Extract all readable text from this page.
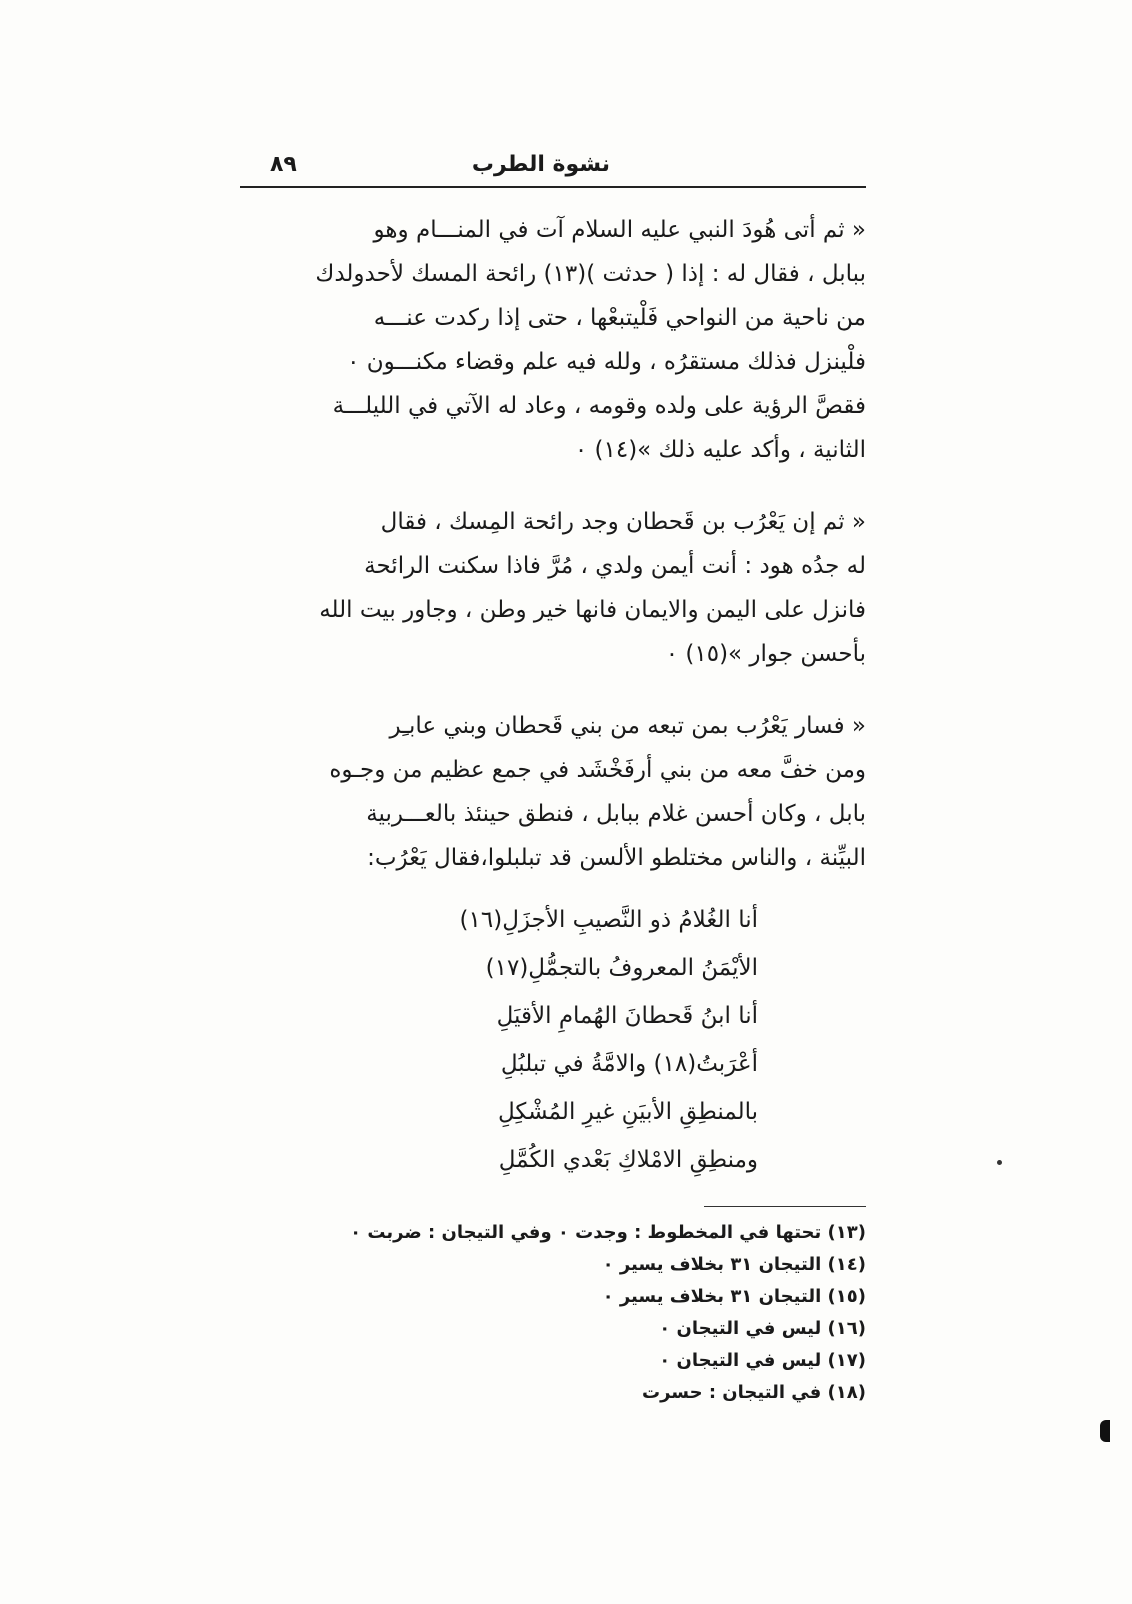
نشوة الطرب
٨٩

« ثم أتى هُودَ النبي عليه السلام آت في المنـــام وهو
ببابل ، فقال له : إذا ( حدثت )(١٣) رائحة المسك لأحدولدك
من ناحية من النواحي فَلْيتبعْها ، حتى إذا ركدت عنـــه
فلْينزل فذلك مستقرُه ، ولله فيه علم وقضاء مكنـــون ٠
فقصَّ الرؤية على ولده وقومه ، وعاد له الآتي في الليلـــة
الثانية ، وأكد عليه ذلك »(١٤) ٠

« ثم إن يَعْرُب بن قَحطان وجد رائحة المِسك ، فقال
له جدُه هود : أنت أيمن ولدي ، مُرَّ فاذا سكنت الرائحة
فانزل على اليمن والايمان فانها خير وطن ، وجاور بيت الله
بأحسن جوار »(١٥) ٠

« فسار يَعْرُب بمن تبعه من بني قَحطان وبني عابـِر
ومن خفَّ معه من بني أرفَخْشَد في جمع عظيم من وجـوه
بابل ، وكان أحسن غلام ببابل ، فنطق حينئذ بالعـــربية
البيِّنة ، والناس مختلطو الألسن قد تبلبلوا،فقال يَعْرُب:

أنا الغُلامُ ذو النَّصيبِ الأجزَلِ(١٦)
الأيْمَنُ المعروفُ بالتجمُّلِ(١٧)
أنا ابنُ قَحطانَ الهُمامِ الأقيَلِ
أعْرَبتُ(١٨) والامَّةُ في تبلبُلِ
بالمنطِقِ الأبيَنِ غيرِ المُشْكِلِ
ومنطِقِ الامْلاكِ بَعْدي الكُمَّلِ
(١٣) تحتها في المخطوط : وجدت ٠ وفي التيجان : ضربت ٠
(١٤) التيجان ٣١ بخلاف يسير ٠
(١٥) التيجان ٣١ بخلاف يسير ٠
(١٦) ليس في التيجان ٠
(١٧) ليس في التيجان ٠
(١٨) في التيجان : حسرت
